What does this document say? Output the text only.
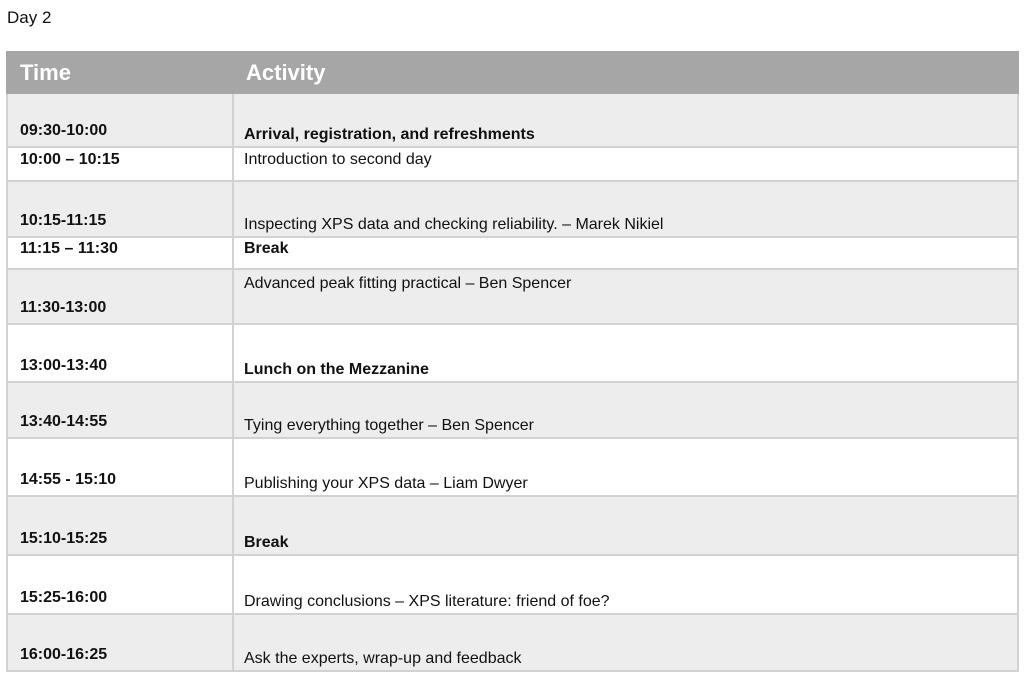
Day 2
Time	Activity
09:30-10:00	Arrival, registration, and refreshments
10:00 – 10:15	Introduction to second day
10:15-11:15	Inspecting XPS data and checking reliability. – Marek Nikiel
11:15 – 11:30	Break
11:30-13:00	Advanced peak fitting practical – Ben Spencer
13:00-13:40	Lunch on the Mezzanine
13:40-14:55	Tying everything together – Ben Spencer
14:55 - 15:10	Publishing your XPS data – Liam Dwyer
15:10-15:25	Break
15:25-16:00	Drawing conclusions – XPS literature: friend of foe?
16:00-16:25	Ask the experts, wrap-up and feedback
